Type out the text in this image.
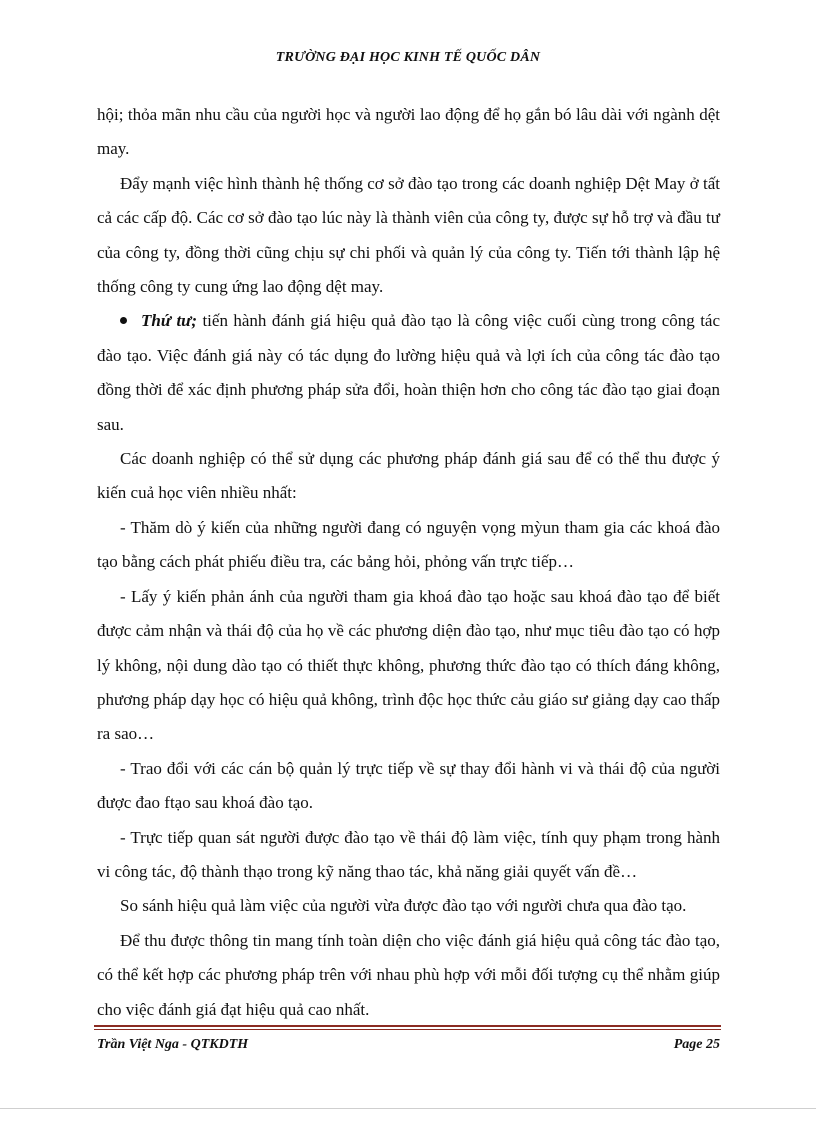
TRƯỜNG ĐẠI HỌC KINH TẾ QUỐC DÂN

hội; thỏa mãn nhu cầu của người học và người lao động để họ gắn bó lâu dài với ngành dệt may.

Đẩy mạnh việc hình thành hệ thống cơ sở đào tạo trong các doanh nghiệp Dệt May ở tất cả các cấp độ. Các cơ sở đào tạo lúc này là thành viên của công ty, được sự hỗ trợ và đầu tư của công ty, đồng thời cũng chịu sự chi phối và quản lý của công ty. Tiến tới thành lập hệ thống công ty cung ứng lao động dệt may.

Thứ tư; tiến hành đánh giá hiệu quả đào tạo là công việc cuối cùng trong công tác đào tạo. Việc đánh giá này có tác dụng đo lường hiệu quả và lợi ích của công tác đào tạo đồng thời để xác định phương pháp sửa đổi, hoàn thiện hơn cho công tác đào tạo giai đoạn sau.

Các doanh nghiệp có thể sử dụng các phương pháp đánh giá sau để có thể thu được ý kiến cuả học viên nhiều nhất:

- Thăm dò ý kiến của những người đang có nguyện vọng mỳun tham gia các khoá đào tạo bằng cách phát phiếu điều tra, các bảng hỏi, phỏng vấn trực tiếp…

- Lấy ý kiến phản ánh của người tham gia khoá đào tạo hoặc sau khoá đào tạo để biết được cảm nhận và thái độ của họ về các phương diện đào tạo, như mục tiêu đào tạo có hợp lý không, nội dung dào tạo có thiết thực không, phương thức đào tạo có thích đáng không, phương pháp dạy học có hiệu quả không, trình độc học thức cảu giáo sư giảng dạy cao thấp ra sao…

- Trao đổi với các cán bộ quản lý trực tiếp về sự thay đổi hành vi và thái độ của người được đao ftạo sau khoá đào tạo.

- Trực tiếp quan sát người được đào tạo về thái độ làm việc, tính quy phạm trong hành vi công tác, độ thành thạo trong kỹ năng thao tác, khả năng giải quyết vấn đề…

So sánh hiệu quả làm việc của người vừa được đào tạo với người chưa qua đào tạo.

Để thu được thông tin mang tính toàn diện cho việc đánh giá hiệu quả công tác đào tạo, có thể kết hợp các phương pháp trên với nhau phù hợp với mỗi đối tượng cụ thể nhằm giúp cho việc đánh giá đạt hiệu quả cao nhất.

Trần Việt Nga - QTKDTH	Page 25
